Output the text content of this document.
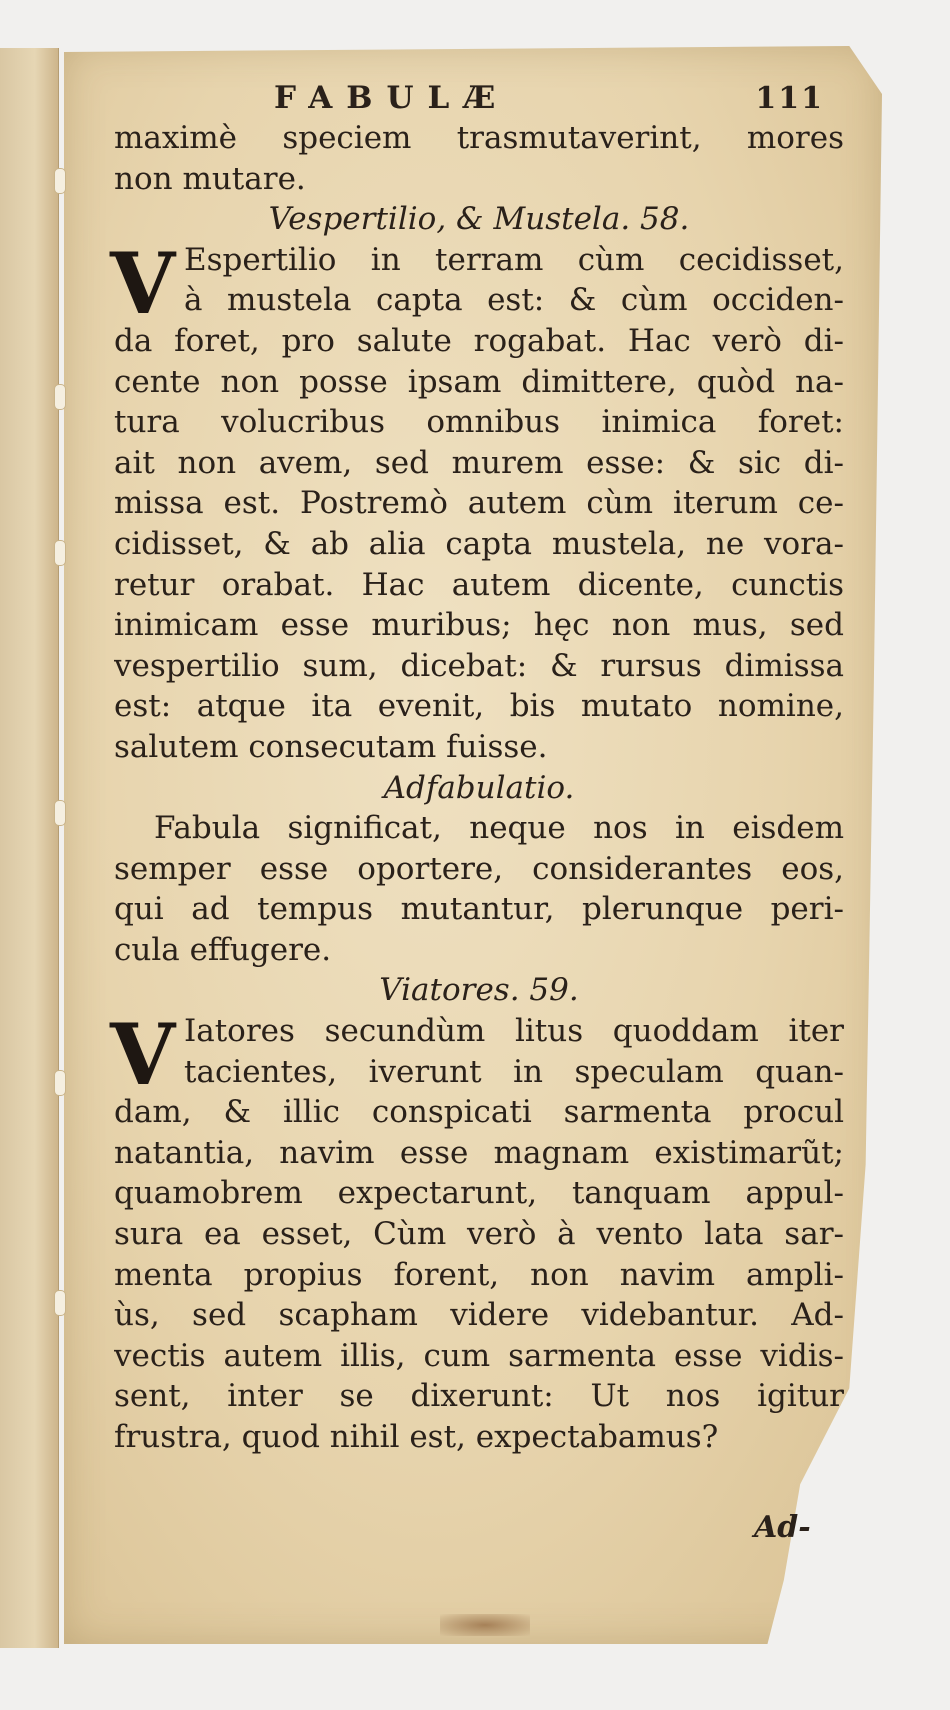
FABULÆ	111
maximè speciem trasmutaverint, mores
non mutare.
Vespertilio, & Mustela. 58.
V Espertilio in terram cùm cecidisset,
à mustela capta est: & cùm occiden-
da foret, pro salute rogabat. Hac verò di-
cente non posse ipsam dimittere, quòd na-
tura volucribus omnibus inimica foret:
ait non avem, sed murem esse: & sic di-
missa est. Postremò autem cùm iterum ce-
cidisset, & ab alia capta mustela, ne vora-
retur orabat. Hac autem dicente, cunctis
inimicam esse muribus; hęc non mus, sed
vespertilio sum, dicebat: & rursus dimissa
est: atque ita evenit, bis mutato nomine,
salutem consecutam fuisse.
Adfabulatio.
Fabula significat, neque nos in eisdem
semper esse oportere, considerantes eos,
qui ad tempus mutantur, plerunque peri-
cula effugere.
Viatores. 59.
V Iatores secundùm litus quoddam iter
tacientes, iverunt in speculam quan-
dam, & illic conspicati sarmenta procul
natantia, navim esse magnam existimarũt;
quamobrem expectarunt, tanquam appul-
sura ea esset, Cùm verò à vento lata sar-
menta propius forent, non navim ampli-
ùs, sed scapham videre videbantur. Ad-
vectis autem illis, cum sarmenta esse vidis-
sent, inter se dixerunt: Ut nos igitur
frustra, quod nihil est, expectabamus?
Ad-
